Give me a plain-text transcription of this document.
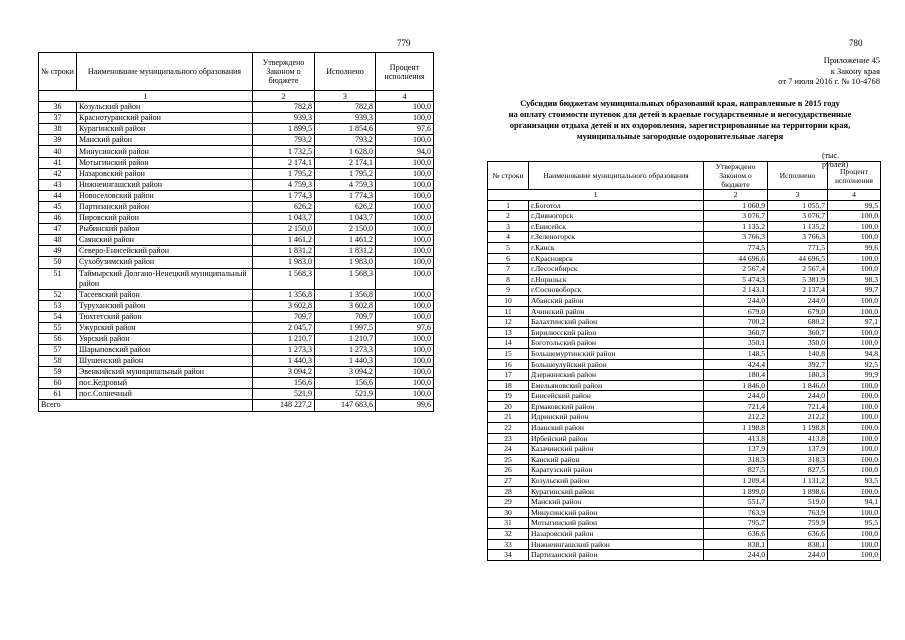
779
№ строки	Наименование муниципального образования	Утверждено Законом о бюджете	Исполнено	Процент исполнения
1		2	3	4
36	Козульский район	782,8	782,8	100,0
37	Краснотуранский район	939,3	939,3	100,0
38	Курагинский район	1 899,5	1 854,6	97,6
39	Манский район	793,2	793,2	100,0
40	Минусинский район	1 732,5	1 628,0	94,0
41	Мотыгинский район	2 174,1	2 174,1	100,0
42	Назаровский район	1 795,2	1 795,2	100,0
43	Нижнеингашский район	4 759,3	4 759,3	100,0
44	Новоселовский район	1 774,3	1 774,3	100,0
45	Партизанский район	626,2	626,2	100,0
46	Пировский район	1 043,7	1 043,7	100,0
47	Рыбинский район	2 150,0	2 150,0	100,0
48	Саянский район	1 461,2	1 461,2	100,0
49	Северо-Енисейский район	1 831,2	1 831,2	100,0
50	Сухобузимский район	1 983,0	1 983,0	100,0
51	Таймырский Долгано-Ненецкий муниципальный район	1 568,3	1 568,3	100,0
52	Тасеевский район	1 356,8	1 356,8	100,0
53	Туруханский район	3 602,8	3 602,8	100,0
54	Тюхтетский район	709,7	709,7	100,0
55	Ужурский район	2 045,7	1 997,5	97,6
56	Уярский район	1 210,7	1 210,7	100,0
57	Шарыповский район	1 273,3	1 273,3	100,0
58	Шушенский район	1 440,3	1 440,3	100,0
59	Эвенкийский муниципальный район	3 094,2	3 094,2	100,0
60	пос.Кедровый	156,6	156,6	100,0
61	пос.Солнечный	521,9	521,9	100,0
Всего		148 227,2	147 683,6	99,6
780
Приложение 45
к Закону края
от 7 июля 2016 г. № 10-4768
Субсидии бюджетам муниципальных образований края, направленные в 2015 году
на оплату стоимости путевок для детей в краевые государственные и негосударственные
организации отдыха детей и их оздоровления, зарегистрированные на территории края,
муниципальные загородные оздоровительные лагеря
(тыс. рублей)
№ строки	Наименование муниципального образования	Утверждено Законом о бюджете	Исполнено	Процент исполнения
1		2	3	4
1	г.Боготол	1 060,9	1 055,7	99,5
2	г.Дивногорск	3 076,7	3 076,7	100,0
3	г.Енисейск	1 135,2	1 135,2	100,0
4	г.Зеленогорск	3 766,3	3 766,3	100,0
5	г.Канск	774,5	771,5	99,6
6	г.Красноярск	44 696,6	44 696,5	100,0
7	г.Лесосибирск	2 567,4	2 567,4	100,0
8	г.Норильск	5 474,3	5 381,9	98,3
9	г.Сосновоборск	2 143,1	2 137,4	99,7
10	Абанский район	244,0	244,0	100,0
11	Ачинский район	679,0	679,0	100,0
12	Балахтинский район	700,2	680,2	97,1
13	Бирилюсский район	360,7	360,7	100,0
14	Боготольский район	350,1	350,0	100,0
15	Большемуртинский район	148,5	140,8	94,8
16	Большеулуйский район	424,4	392,7	92,5
17	Дзержинский район	180,4	180,3	99,9
18	Емельяновский район	1 846,0	1 846,0	100,0
19	Енисейский район	244,0	244,0	100,0
20	Ермаковский район	721,4	721,4	100,0
21	Идринский район	212,2	212,2	100,0
22	Иланский район	1 198,8	1 198,8	100,0
23	Ирбейский район	413,8	413,8	100,0
24	Казачинский район	137,9	137,9	100,0
25	Канский район	318,3	318,3	100,0
26	Каратузский район	827,5	827,5	100,0
27	Козульский район	1 209,4	1 131,2	93,5
28	Курагинский район	1 899,0	1 898,6	100,0
29	Манский район	551,7	519,0	94,1
30	Минусинский район	763,9	763,9	100,0
31	Мотыгинский район	795,7	759,9	95,5
32	Назаровский район	636,6	636,6	100,0
33	Нижнеингашский район	838,1	838,1	100,0
34	Партизанский район	244,0	244,0	100,0
